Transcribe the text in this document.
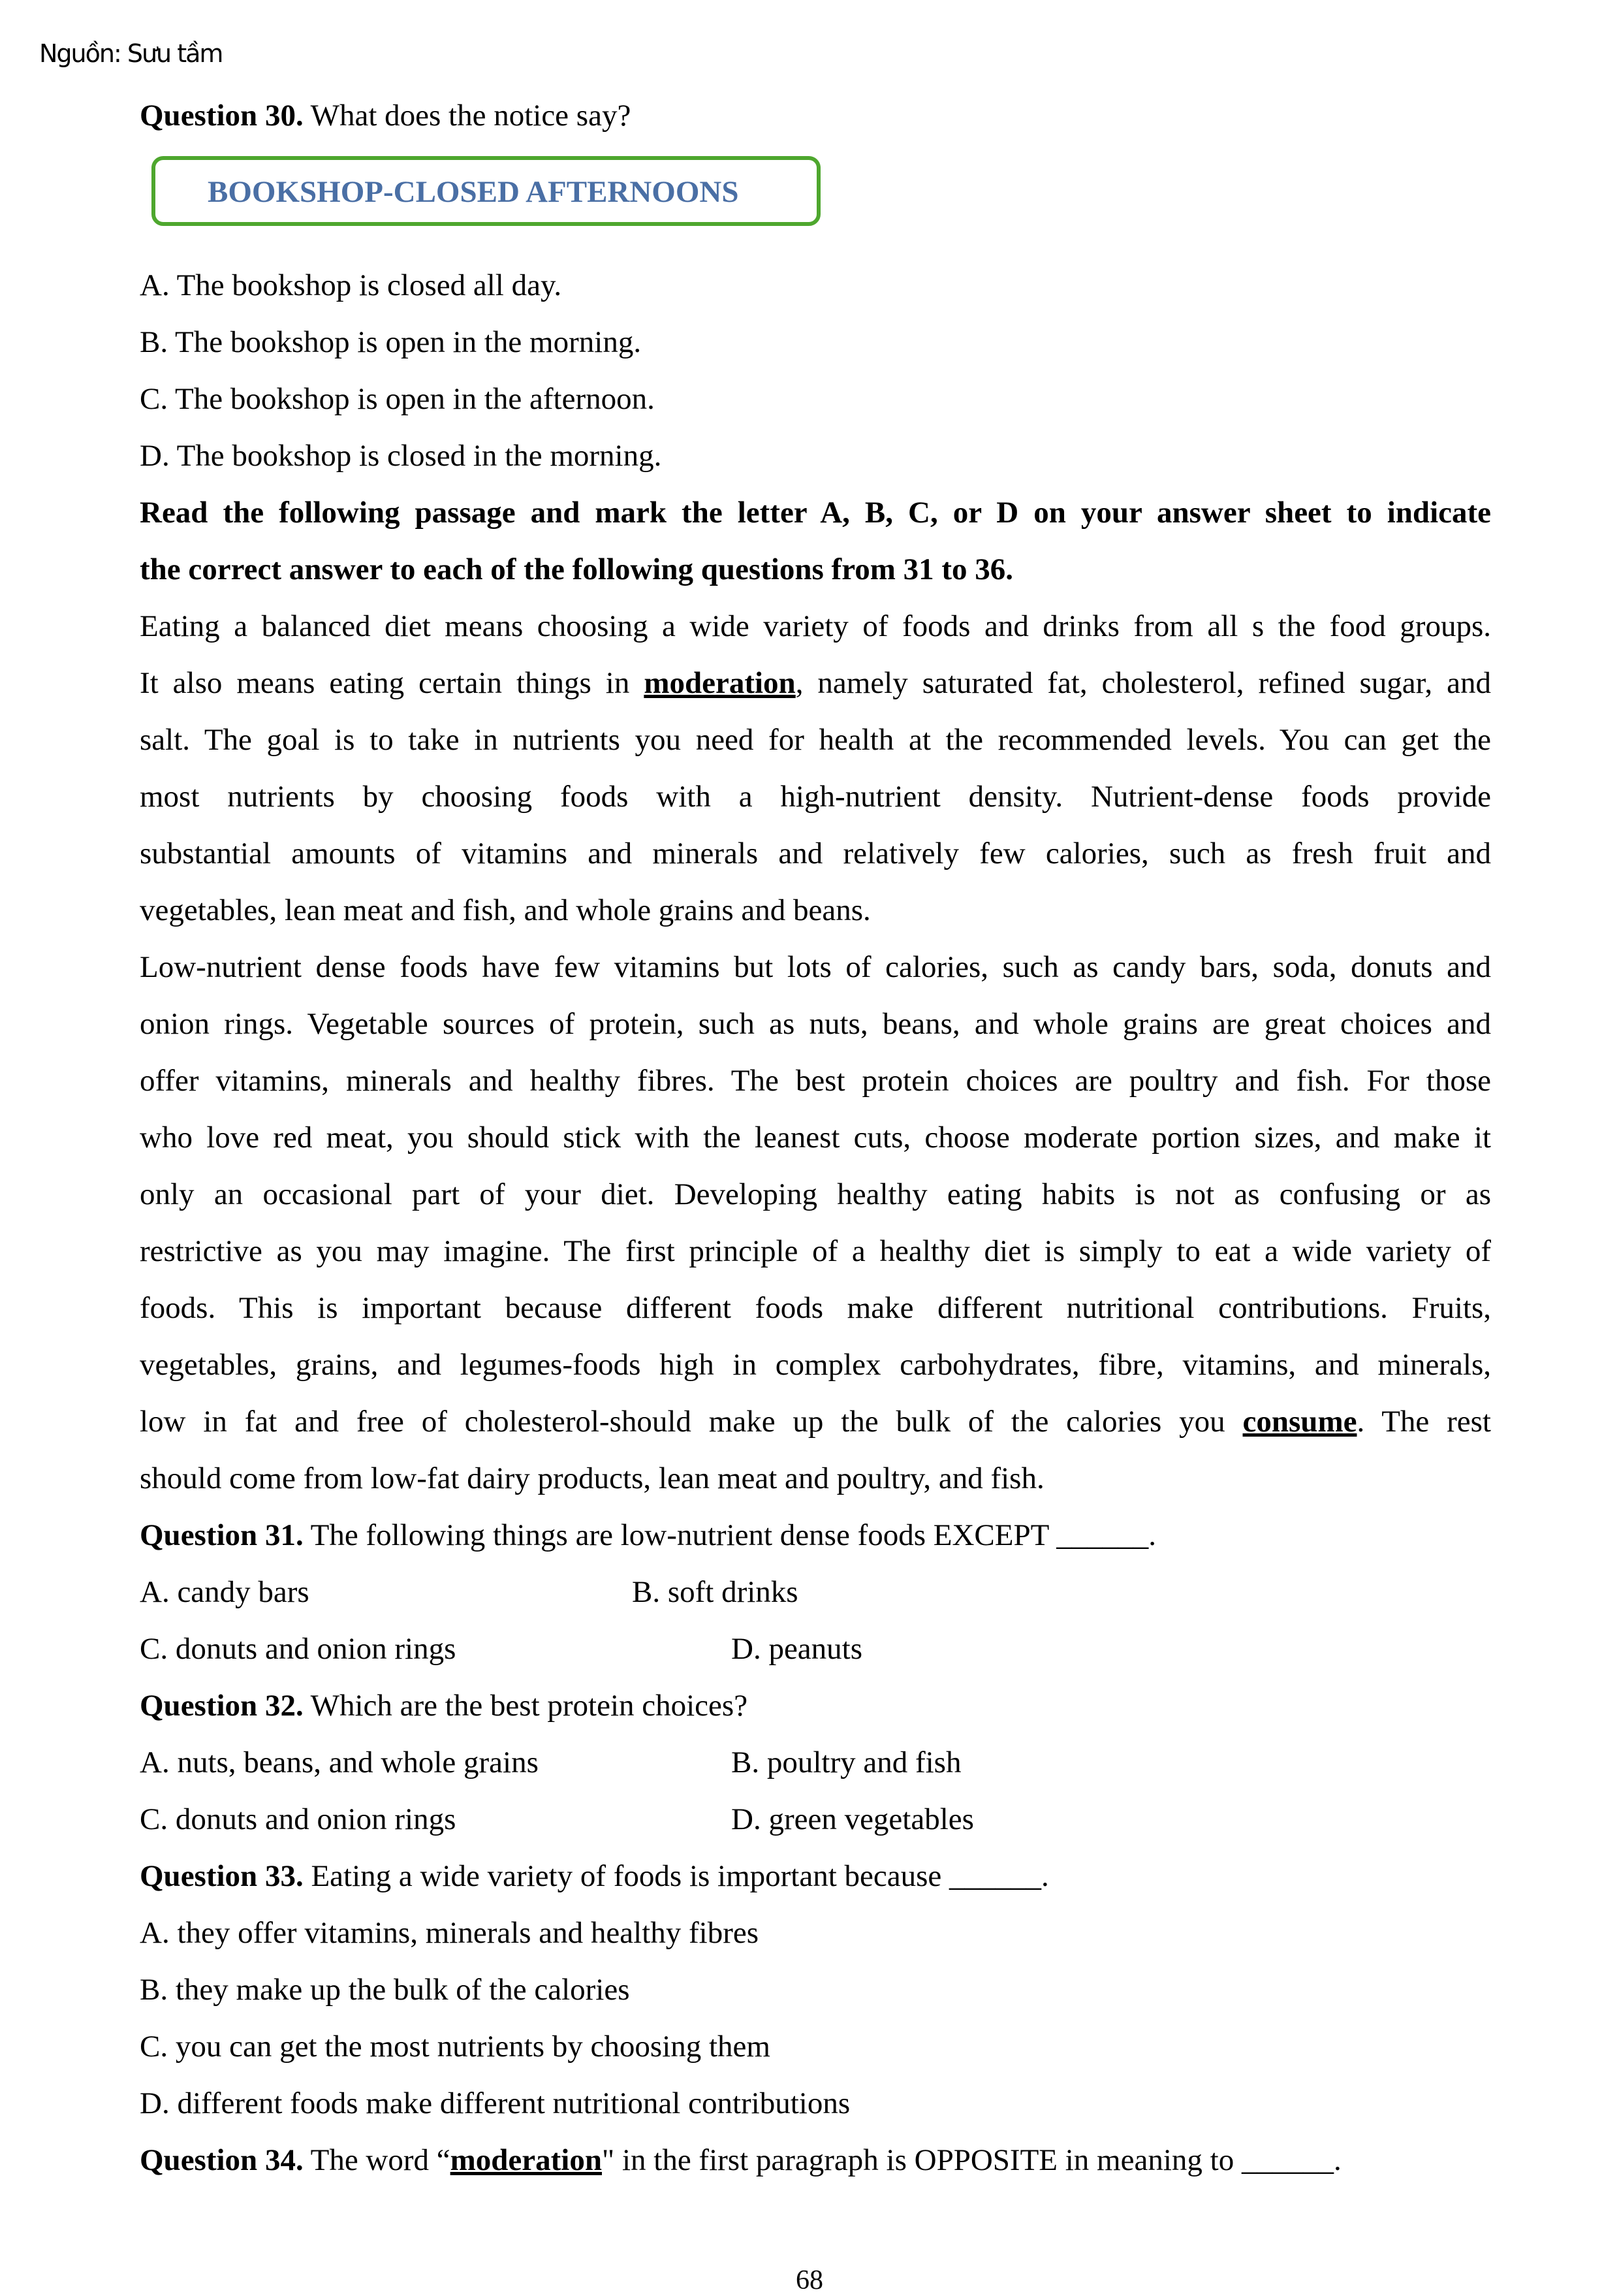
Nguồn: Sưu tầm
Question 30. What does the notice say?
BOOKSHOP-CLOSED AFTERNOONS
A. The bookshop is closed all day.
B. The bookshop is open in the morning.
C. The bookshop is open in the afternoon.
D. The bookshop is closed in the morning.
Read the following passage and mark the letter A, B, C, or D on your answer sheet to indicate
the correct answer to each of the following questions from 31 to 36.
Eating a balanced diet means choosing a wide variety of foods and drinks from all s the food groups.
It also means eating certain things in moderation, namely saturated fat, cholesterol, refined sugar, and
salt. The goal is to take in nutrients you need for health at the recommended levels. You can get the
most nutrients by choosing foods with a high-nutrient density. Nutrient-dense foods provide
substantial amounts of vitamins and minerals and relatively few calories, such as fresh fruit and
vegetables, lean meat and fish, and whole grains and beans.
Low-nutrient dense foods have few vitamins but lots of calories, such as candy bars, soda, donuts and
onion rings. Vegetable sources of protein, such as nuts, beans, and whole grains are great choices and
offer vitamins, minerals and healthy fibres. The best protein choices are poultry and fish. For those
who love red meat, you should stick with the leanest cuts, choose moderate portion sizes, and make it
only an occasional part of your diet. Developing healthy eating habits is not as confusing or as
restrictive as you may imagine. The first principle of a healthy diet is simply to eat a wide variety of
foods. This is important because different foods make different nutritional contributions. Fruits,
vegetables, grains, and legumes-foods high in complex carbohydrates, fibre, vitamins, and minerals,
low in fat and free of cholesterol-should make up the bulk of the calories you consume. The rest
should come from low-fat dairy products, lean meat and poultry, and fish.
Question 31. The following things are low-nutrient dense foods EXCEPT ______.
A. candy bars	B. soft drinks
C. donuts and onion rings	D. peanuts
Question 32. Which are the best protein choices?
A. nuts, beans, and whole grains	B. poultry and fish
C. donuts and onion rings	D. green vegetables
Question 33. Eating a wide variety of foods is important because ______.
A. they offer vitamins, minerals and healthy fibres
B. they make up the bulk of the calories
C. you can get the most nutrients by choosing them
D. different foods make different nutritional contributions
Question 34. The word “moderation" in the first paragraph is OPPOSITE in meaning to ______.
68
